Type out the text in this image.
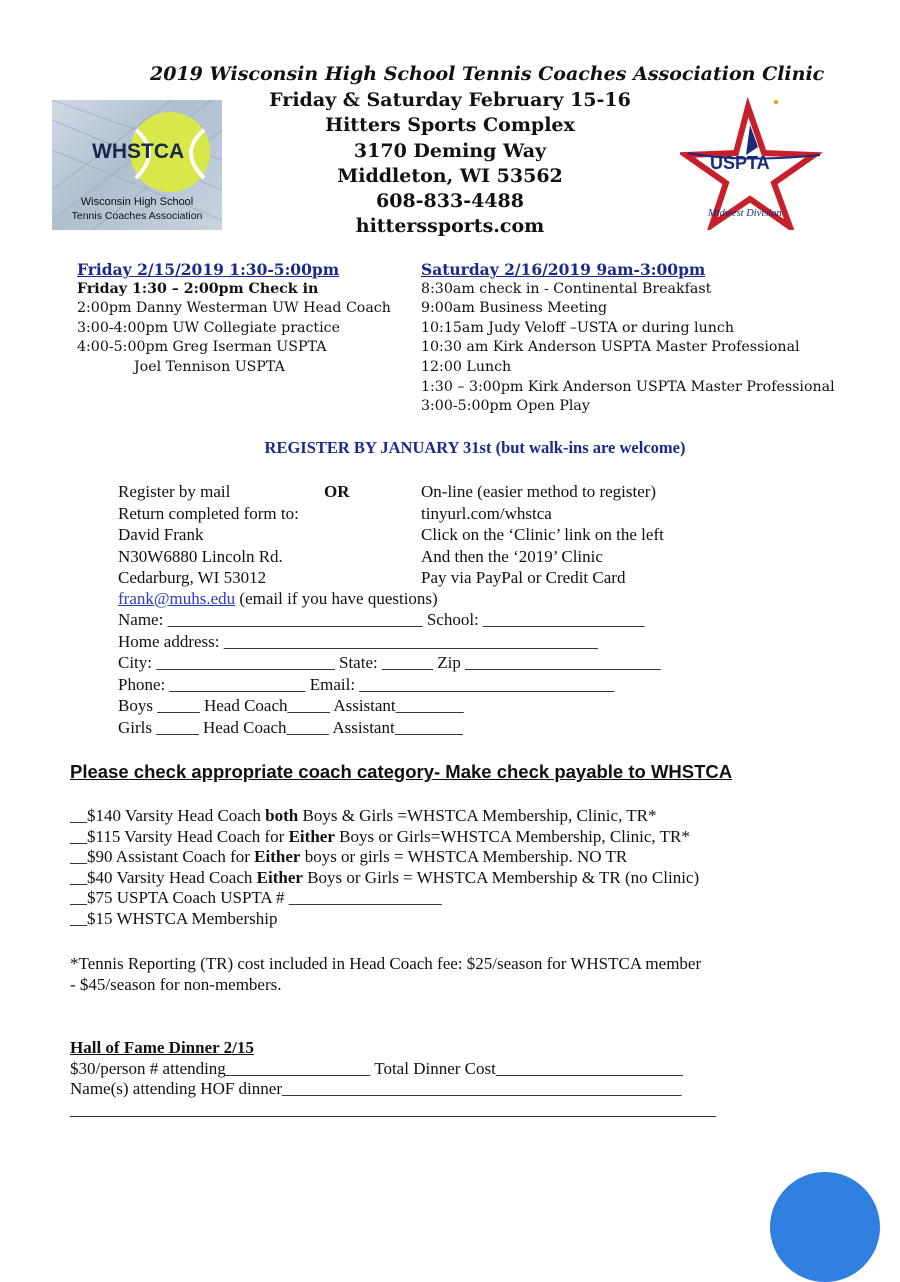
2019 Wisconsin High School Tennis Coaches Association Clinic
Friday & Saturday February 15-16
Hitters Sports Complex
3170 Deming Way
Middleton, WI 53562
608-833-4488
hitterssports.com
WHSTCA
Wisconsin High School
Tennis Coaches Association
USPTA
Midwest Division
Friday 2/15/2019 1:30-5:00pm
Friday 1:30 – 2:00pm Check in
2:00pm Danny Westerman UW Head Coach
3:00-4:00pm UW Collegiate practice
4:00-5:00pm Greg Iserman USPTA
Joel Tennison USPTA
Saturday 2/16/2019 9am-3:00pm
8:30am check in - Continental Breakfast
9:00am Business Meeting
10:15am Judy Veloff –USTA or during lunch
10:30 am Kirk Anderson USPTA Master Professional
12:00 Lunch
1:30 – 3:00pm Kirk Anderson USPTA Master Professional
3:00-5:00pm Open Play
REGISTER BY JANUARY 31st (but walk-ins are welcome)
Register by mail	OR
Return completed form to:
David Frank
N30W6880 Lincoln Rd.
Cedarburg, WI 53012
On-line (easier method to register)
tinyurl.com/whstca
Click on the ‘Clinic’ link on the left
And then the ‘2019’ Clinic
Pay via PayPal or Credit Card
frank@muhs.edu (email if you have questions)
Name: ______________________________ School: ___________________
Home address: ____________________________________________
City: _____________________ State: ______ Zip _______________________
Phone: ________________ Email: ______________________________
Boys _____ Head Coach_____ Assistant________
Girls _____ Head Coach_____ Assistant________
Please check appropriate coach category- Make check payable to WHSTCA
__$140 Varsity Head Coach both Boys & Girls =WHSTCA Membership, Clinic, TR*
__$115 Varsity Head Coach for Either Boys or Girls=WHSTCA Membership, Clinic, TR*
__$90 Assistant Coach for Either boys or girls = WHSTCA Membership. NO TR
__$40 Varsity Head Coach Either Boys or Girls = WHSTCA Membership & TR (no Clinic)
__$75 USPTA Coach USPTA # __________________
__$15 WHSTCA Membership
*Tennis Reporting (TR) cost included in Head Coach fee: $25/season for WHSTCA member
- $45/season for non-members.
Hall of Fame Dinner 2/15
$30/person # attending_________________ Total Dinner Cost______________________
Name(s) attending HOF dinner_______________________________________________
____________________________________________________________________________
